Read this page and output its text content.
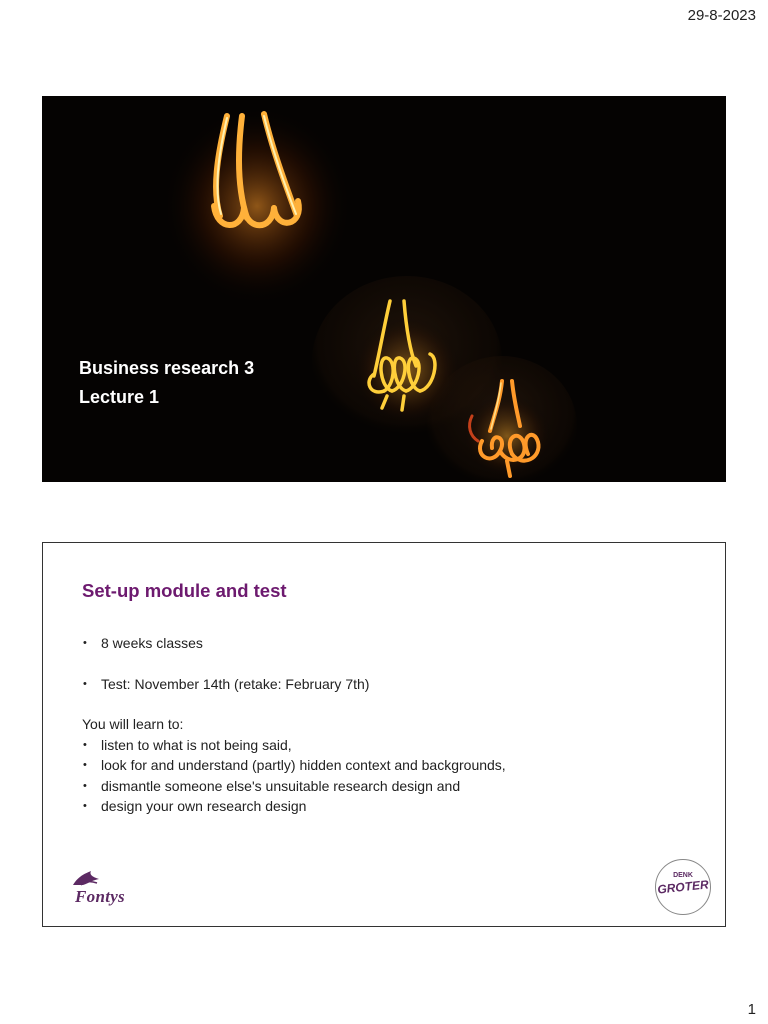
29-8-2023
Business research 3
Lecture 1
Set-up module and test
• 8 weeks classes
• Test: November 14th (retake: February 7th)
You will learn to:
• listen to what is not being said,
• look for and understand (partly) hidden context and backgrounds,
• dismantle someone else's unsuitable research design and
• design your own research design
Fontys
DENK
GROTER
1
